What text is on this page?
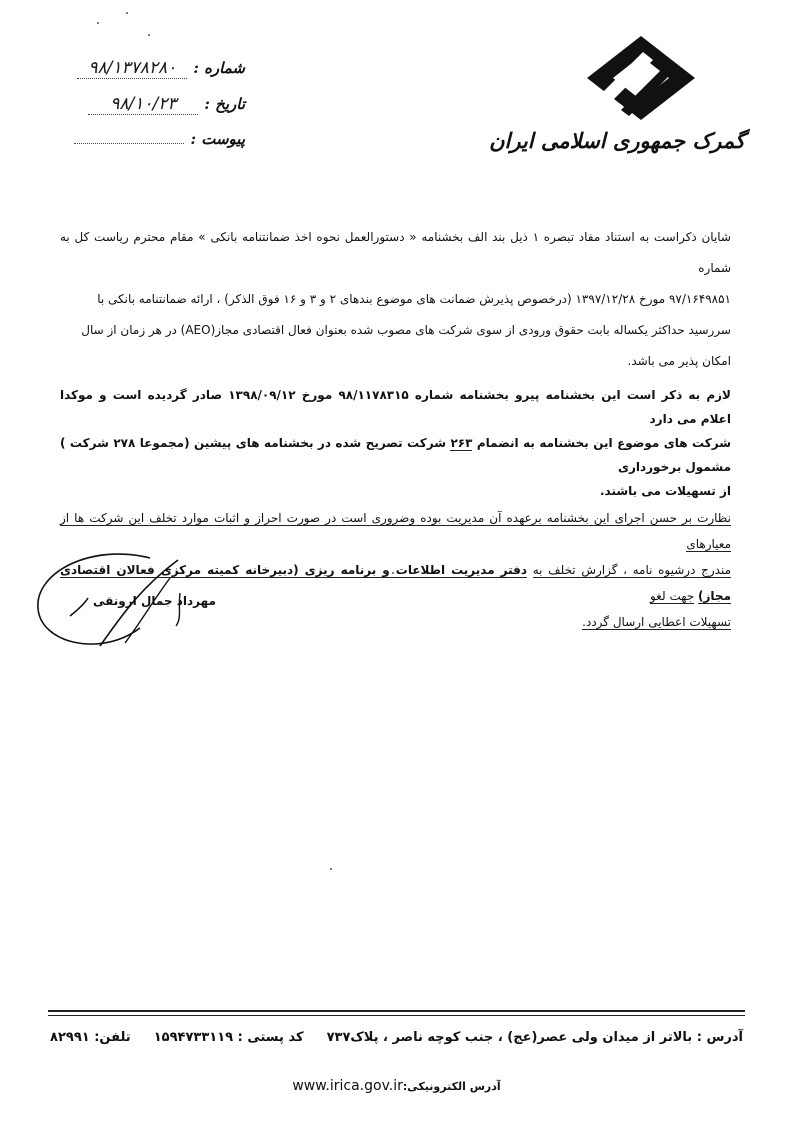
شماره :
۹۸/۱۳۷۸۲۸۰
تاریخ :
۹۸/۱۰/۲۳
پیوست :	گمرک جمهوری اسلامی ایران

شایان ذکراست به استناد مفاد تبصره ۱ ذیل بند الف بخشنامه « دستورالعمل نحوه اخذ ضمانتنامه بانکی » مقام محترم ریاست کل به شماره
۹۷/۱۶۴۹۸۵۱ مورخ ۱۳۹۷/۱۲/۲۸ (درخصوص پذیرش ضمانت های موضوع بندهای ۲ و ۳ و ۱۶ فوق الذکر) ، ارائه ضمانتنامه بانکی با
سررسید حداکثر یکساله بابت حقوق ورودی از سوی شرکت های مصوب شده بعنوان فعال اقتصادی مجاز(AEO) در هر زمان از سال
امکان پذیر می باشد.

لازم به ذکر است این بخشنامه پیرو بخشنامه شماره ۹۸/۱۱۷۸۳۱۵ مورخ ۱۳۹۸/۰۹/۱۲ صادر گردیده است و موکدا اعلام می دارد
شرکت های موضوع این بخشنامه به انضمام ۲۶۳ شرکت تصریح شده در بخشنامه های پیشین (مجموعا ۲۷۸ شرکت ) مشمول برخورداری
از تسهیلات می باشند.

نظارت بر حسن اجرای این بخشنامه برعهده آن مدیریت بوده وضروری است در صورت احراز و اثبات موارد تخلف این شرکت ها از معیارهای
مندرج درشیوه نامه ، گزارش تخلف به دفتر مدیریت اطلاعات و برنامه ریزی (دبیرخانه کمیته مرکزی فعالان اقتصادی مجاز) جهت لغو
تسهیلات اعطایی ارسال گردد.

مهرداد جمال ارونقی
آدرس : بالاتر از میدان ولی عصر(عج) ، جنب کوچه ناصر ، پلاک۷۳۷
کد پستی : ۱۵۹۴۷۳۳۱۱۹
تلفن: ۸۲۹۹۱
آدرس الکترونیکی:www.irica.gov.ir
